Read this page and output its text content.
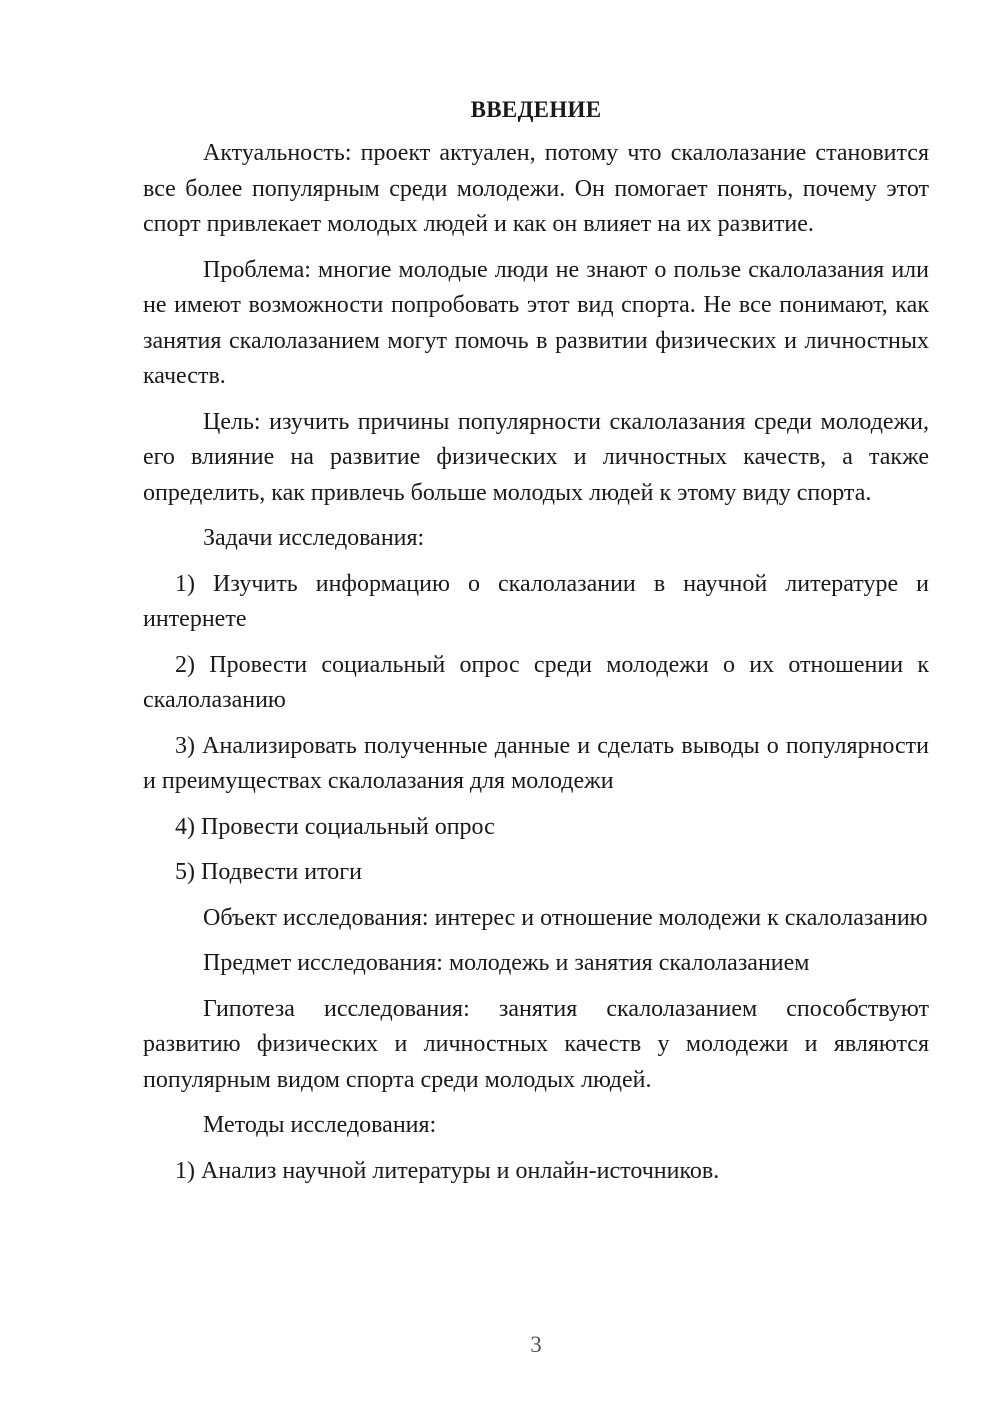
ВВЕДЕНИЕ

Актуальность: проект актуален, потому что скалолазание становится все более популярным среди молодежи. Он помогает понять, почему этот спорт привлекает молодых людей и как он влияет на их развитие.

Проблема: многие молодые люди не знают о пользе скалолазания или не имеют возможности попробовать этот вид спорта. Не все понимают, как занятия скалолазанием могут помочь в развитии физических и личностных качеств.

Цель: изучить причины популярности скалолазания среди молодежи, его влияние на развитие физических и личностных качеств, а также определить, как привлечь больше молодых людей к этому виду спорта.

Задачи исследования:

1) Изучить информацию о скалолазании в научной литературе и интернете

2) Провести социальный опрос среди молодежи о их отношении к скалолазанию

3) Анализировать полученные данные и сделать выводы о популярности и преимуществах скалолазания для молодежи

4) Провести социальный опрос

5) Подвести итоги

Объект исследования: интерес и отношение молодежи к скалолазанию

Предмет исследования: молодежь и занятия скалолазанием

Гипотеза исследования: занятия скалолазанием способствуют развитию физических и личностных качеств у молодежи и являются популярным видом спорта среди молодых людей.

Методы исследования:

1) Анализ научной литературы и онлайн-источников.

3
